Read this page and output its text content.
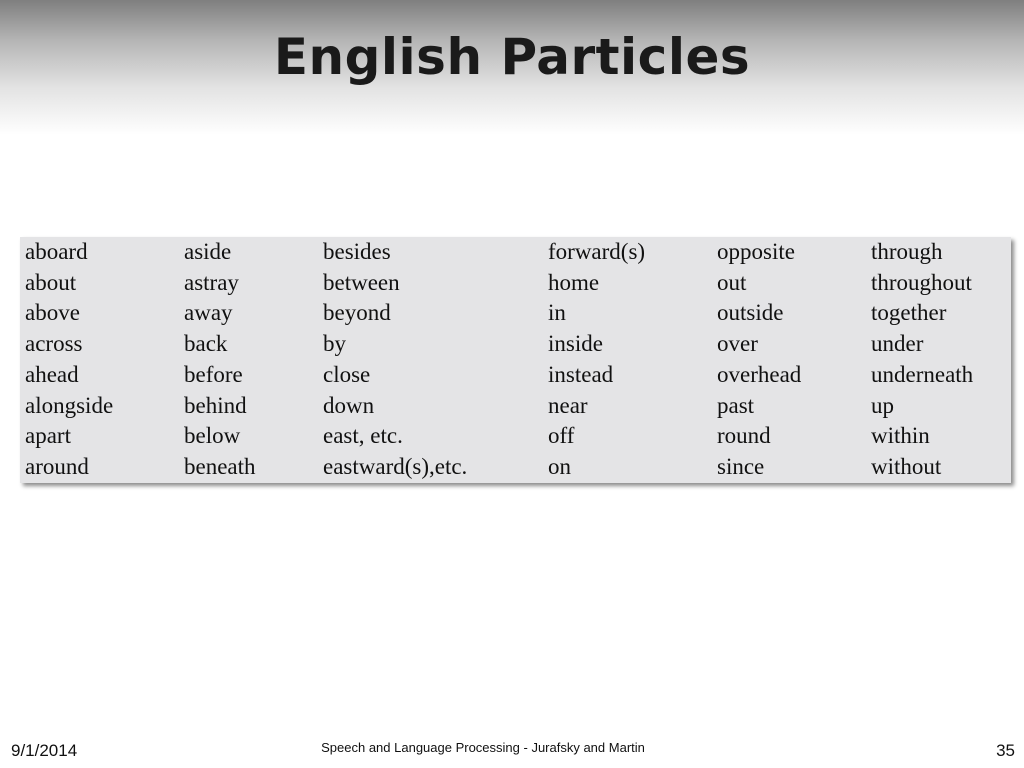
English Particles
aboard
about
above
across
ahead
alongside
apart
around
aside
astray
away
back
before
behind
below
beneath
besides
between
beyond
by
close
down
east, etc.
eastward(s),etc.
forward(s)
home
in
inside
instead
near
off
on
opposite
out
outside
over
overhead
past
round
since
through
throughout
together
under
underneath
up
within
without
9/1/2014	Speech and Language Processing - Jurafsky and Martin	35
